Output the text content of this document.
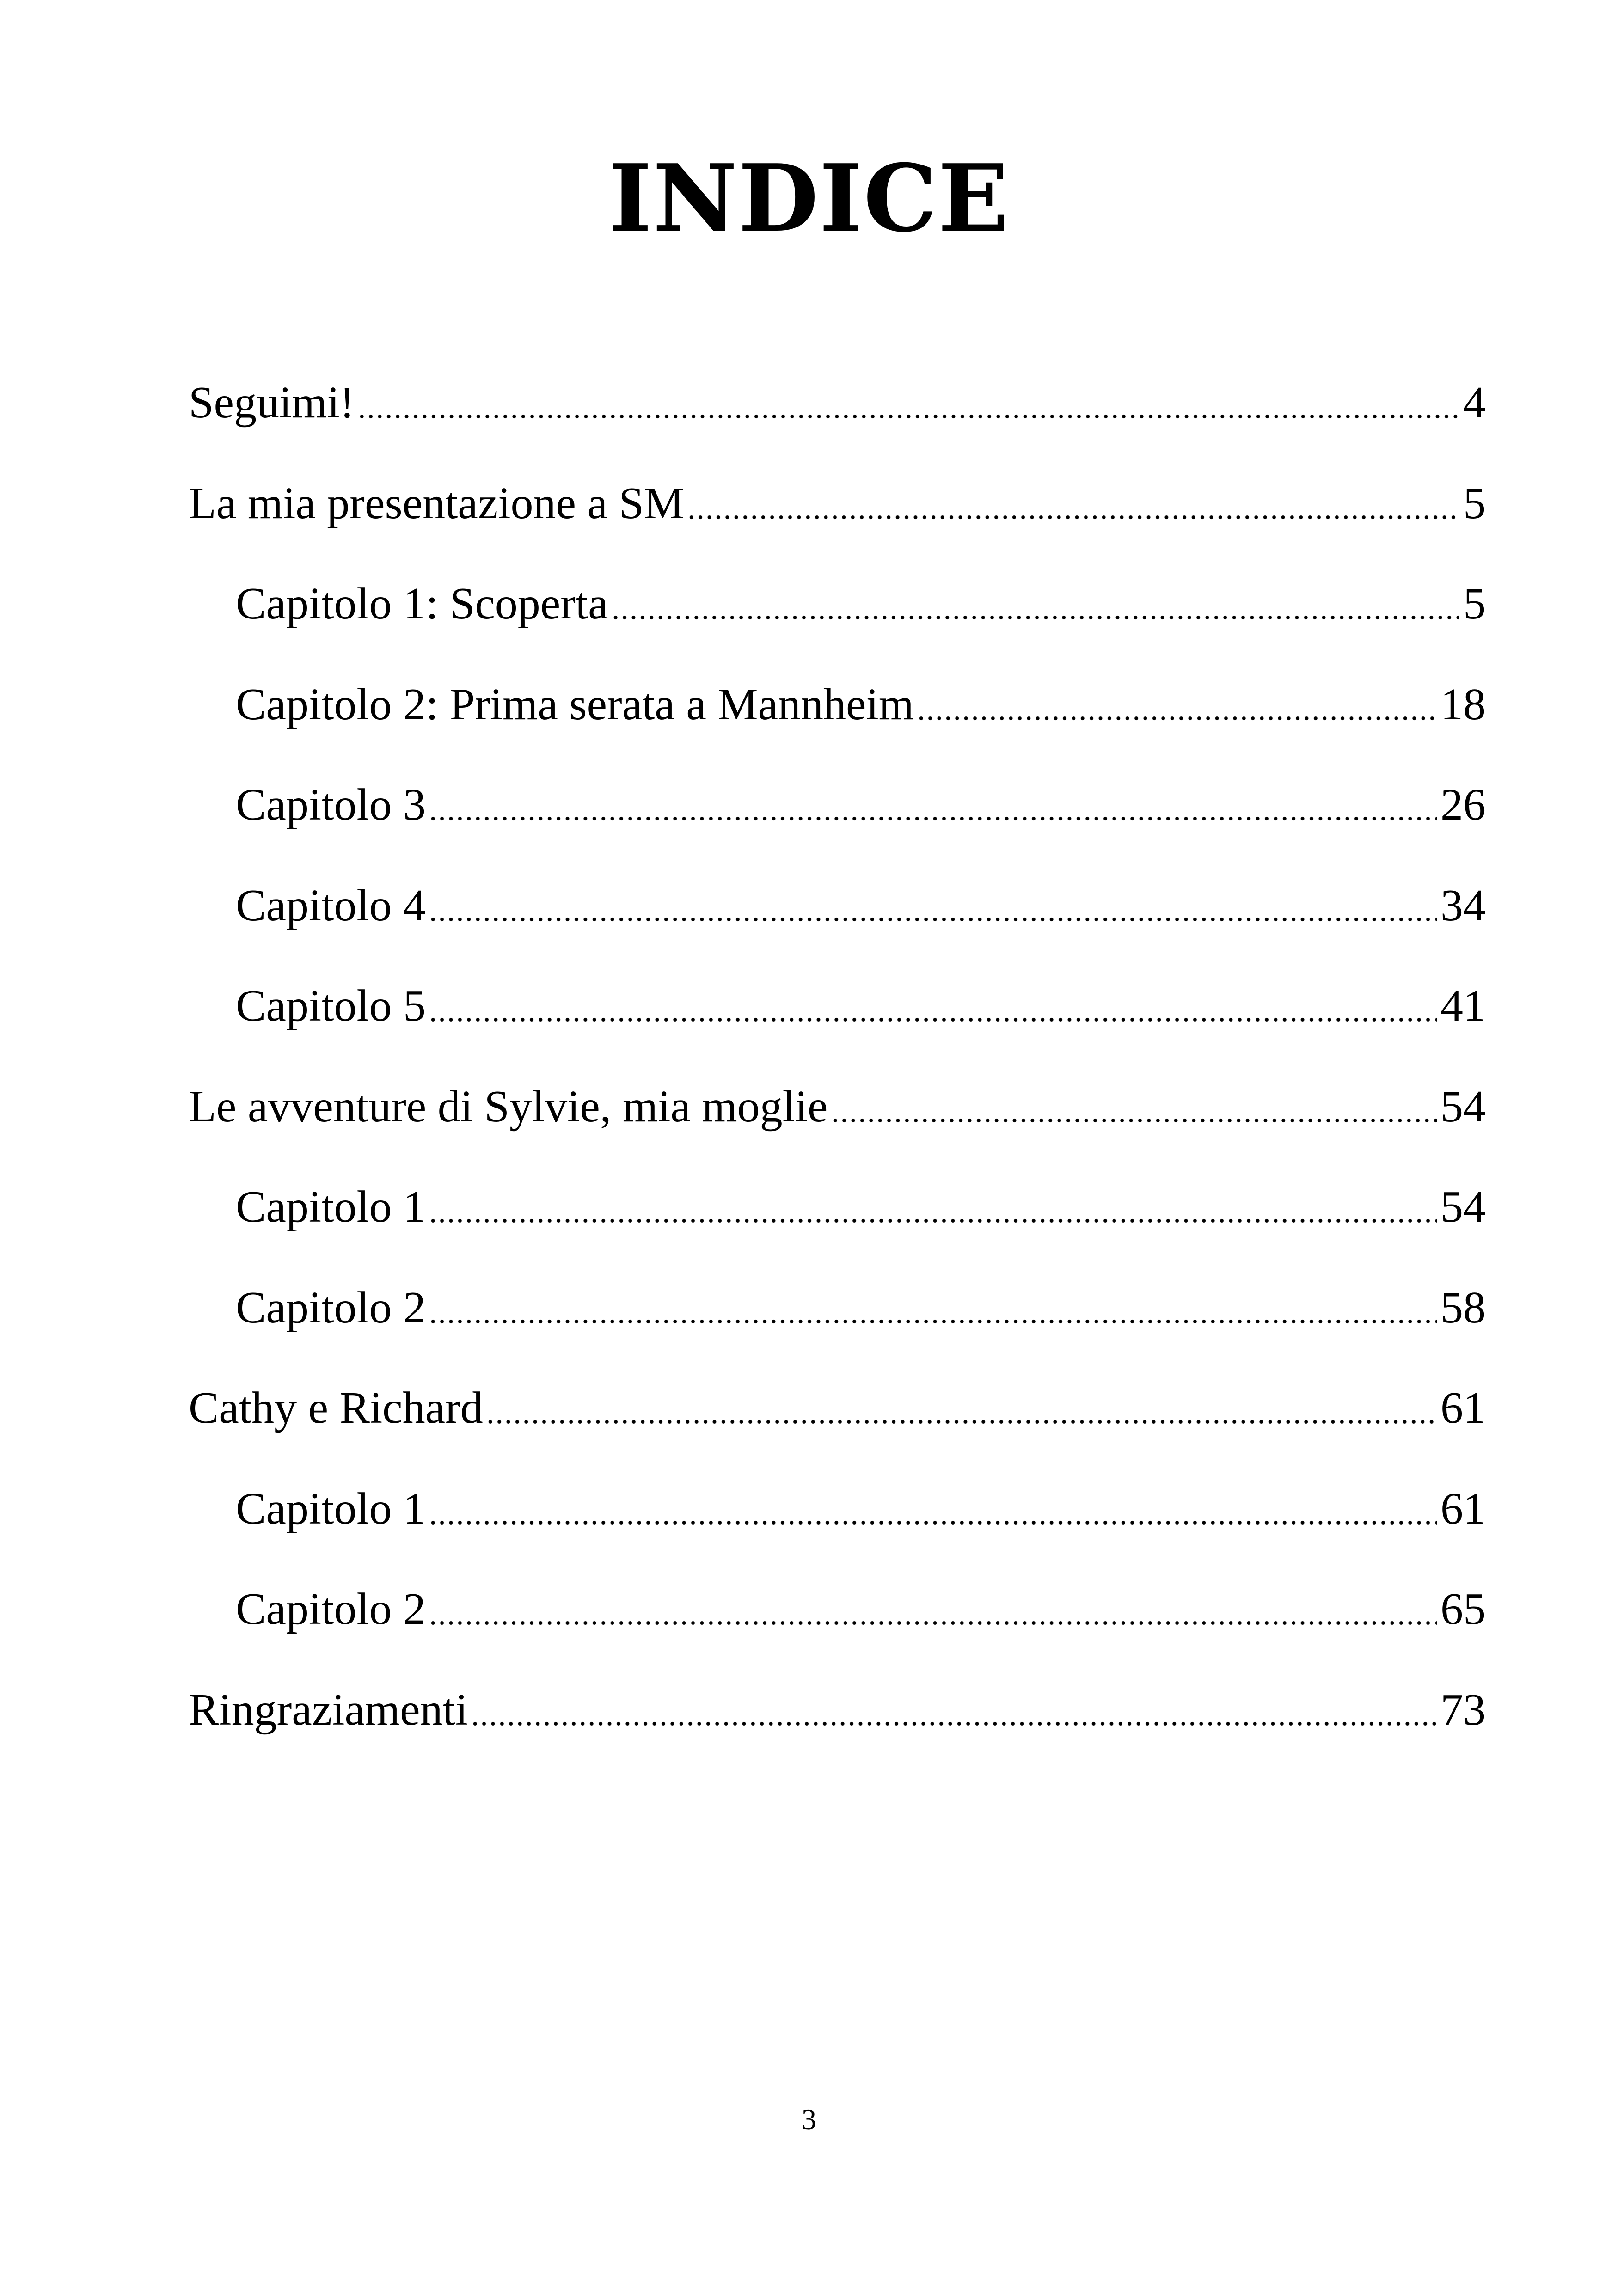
INDICE
Seguimi!	4
La mia presentazione a SM	5
Capitolo 1: Scoperta	5
Capitolo 2: Prima serata a Mannheim	18
Capitolo 3	26
Capitolo 4	34
Capitolo 5	41
Le avventure di Sylvie, mia moglie	54
Capitolo 1	54
Capitolo 2	58
Cathy e Richard	61
Capitolo 1	61
Capitolo 2	65
Ringraziamenti	73
3
